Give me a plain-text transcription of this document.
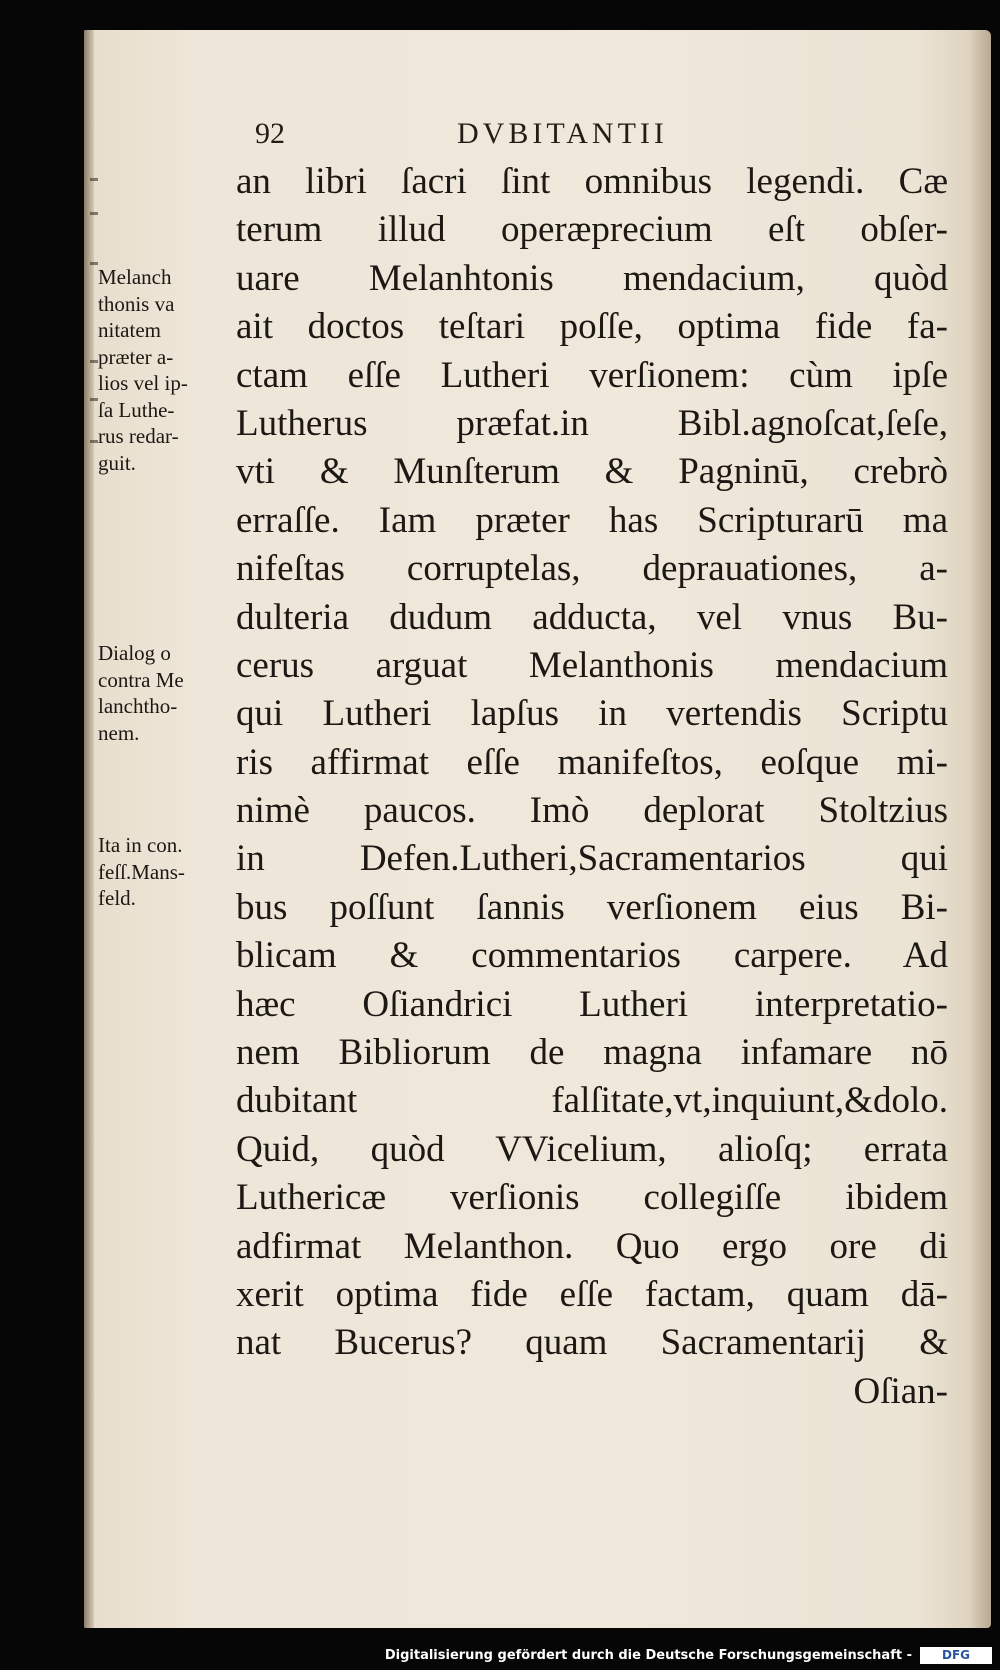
92	DVBITANTII
an libri ſacri ſint omnibus legendi. Cæ
terum illud operæprecium eſt obſer-
uare Melanhtonis mendacium, quòd
ait doctos teſtari poſſe, optima fide fa-
ctam eſſe Lutheri verſionem: cùm ipſe
Lutherus præfat.in Bibl.agnoſcat,ſeſe,
vti & Munſterum & Pagninū, crebrò
erraſſe. Iam præter has Scripturarū ma
nifeſtas corruptelas, deprauationes, a-
dulteria dudum adducta, vel vnus Bu-
cerus arguat Melanthonis mendacium
qui Lutheri lapſus in vertendis Scriptu
ris affirmat eſſe manifeſtos, eoſque mi-
nimè paucos. Imò deplorat Stoltzius
in Defen.Lutheri,Sacramentarios qui
bus poſſunt ſannis verſionem eius Bi-
blicam & commentarios carpere. Ad
hæc Oſiandrici Lutheri interpretatio-
nem Bibliorum de magna infamare nō
dubitant falſitate,vt,inquiunt,&dolo.
Quid, quòd VVicelium, alioſq; errata
Luthericæ verſionis collegiſſe ibidem
adfirmat Melanthon. Quo ergo ore di
xerit optima fide eſſe factam, quam dā-
nat Bucerus? quam Sacramentarij &
Oſian-
Melanch
thonis va
nitatem
præter a-
lios vel ip-
ſa Luthe-
rus redar-
guit.
Dialog o
contra Me
lanchtho-
nem.
Ita in con.
feſſ.Mans-
feld.
Digitalisierung gefördert durch die Deutsche Forschungsgemeinschaft -	DFG
